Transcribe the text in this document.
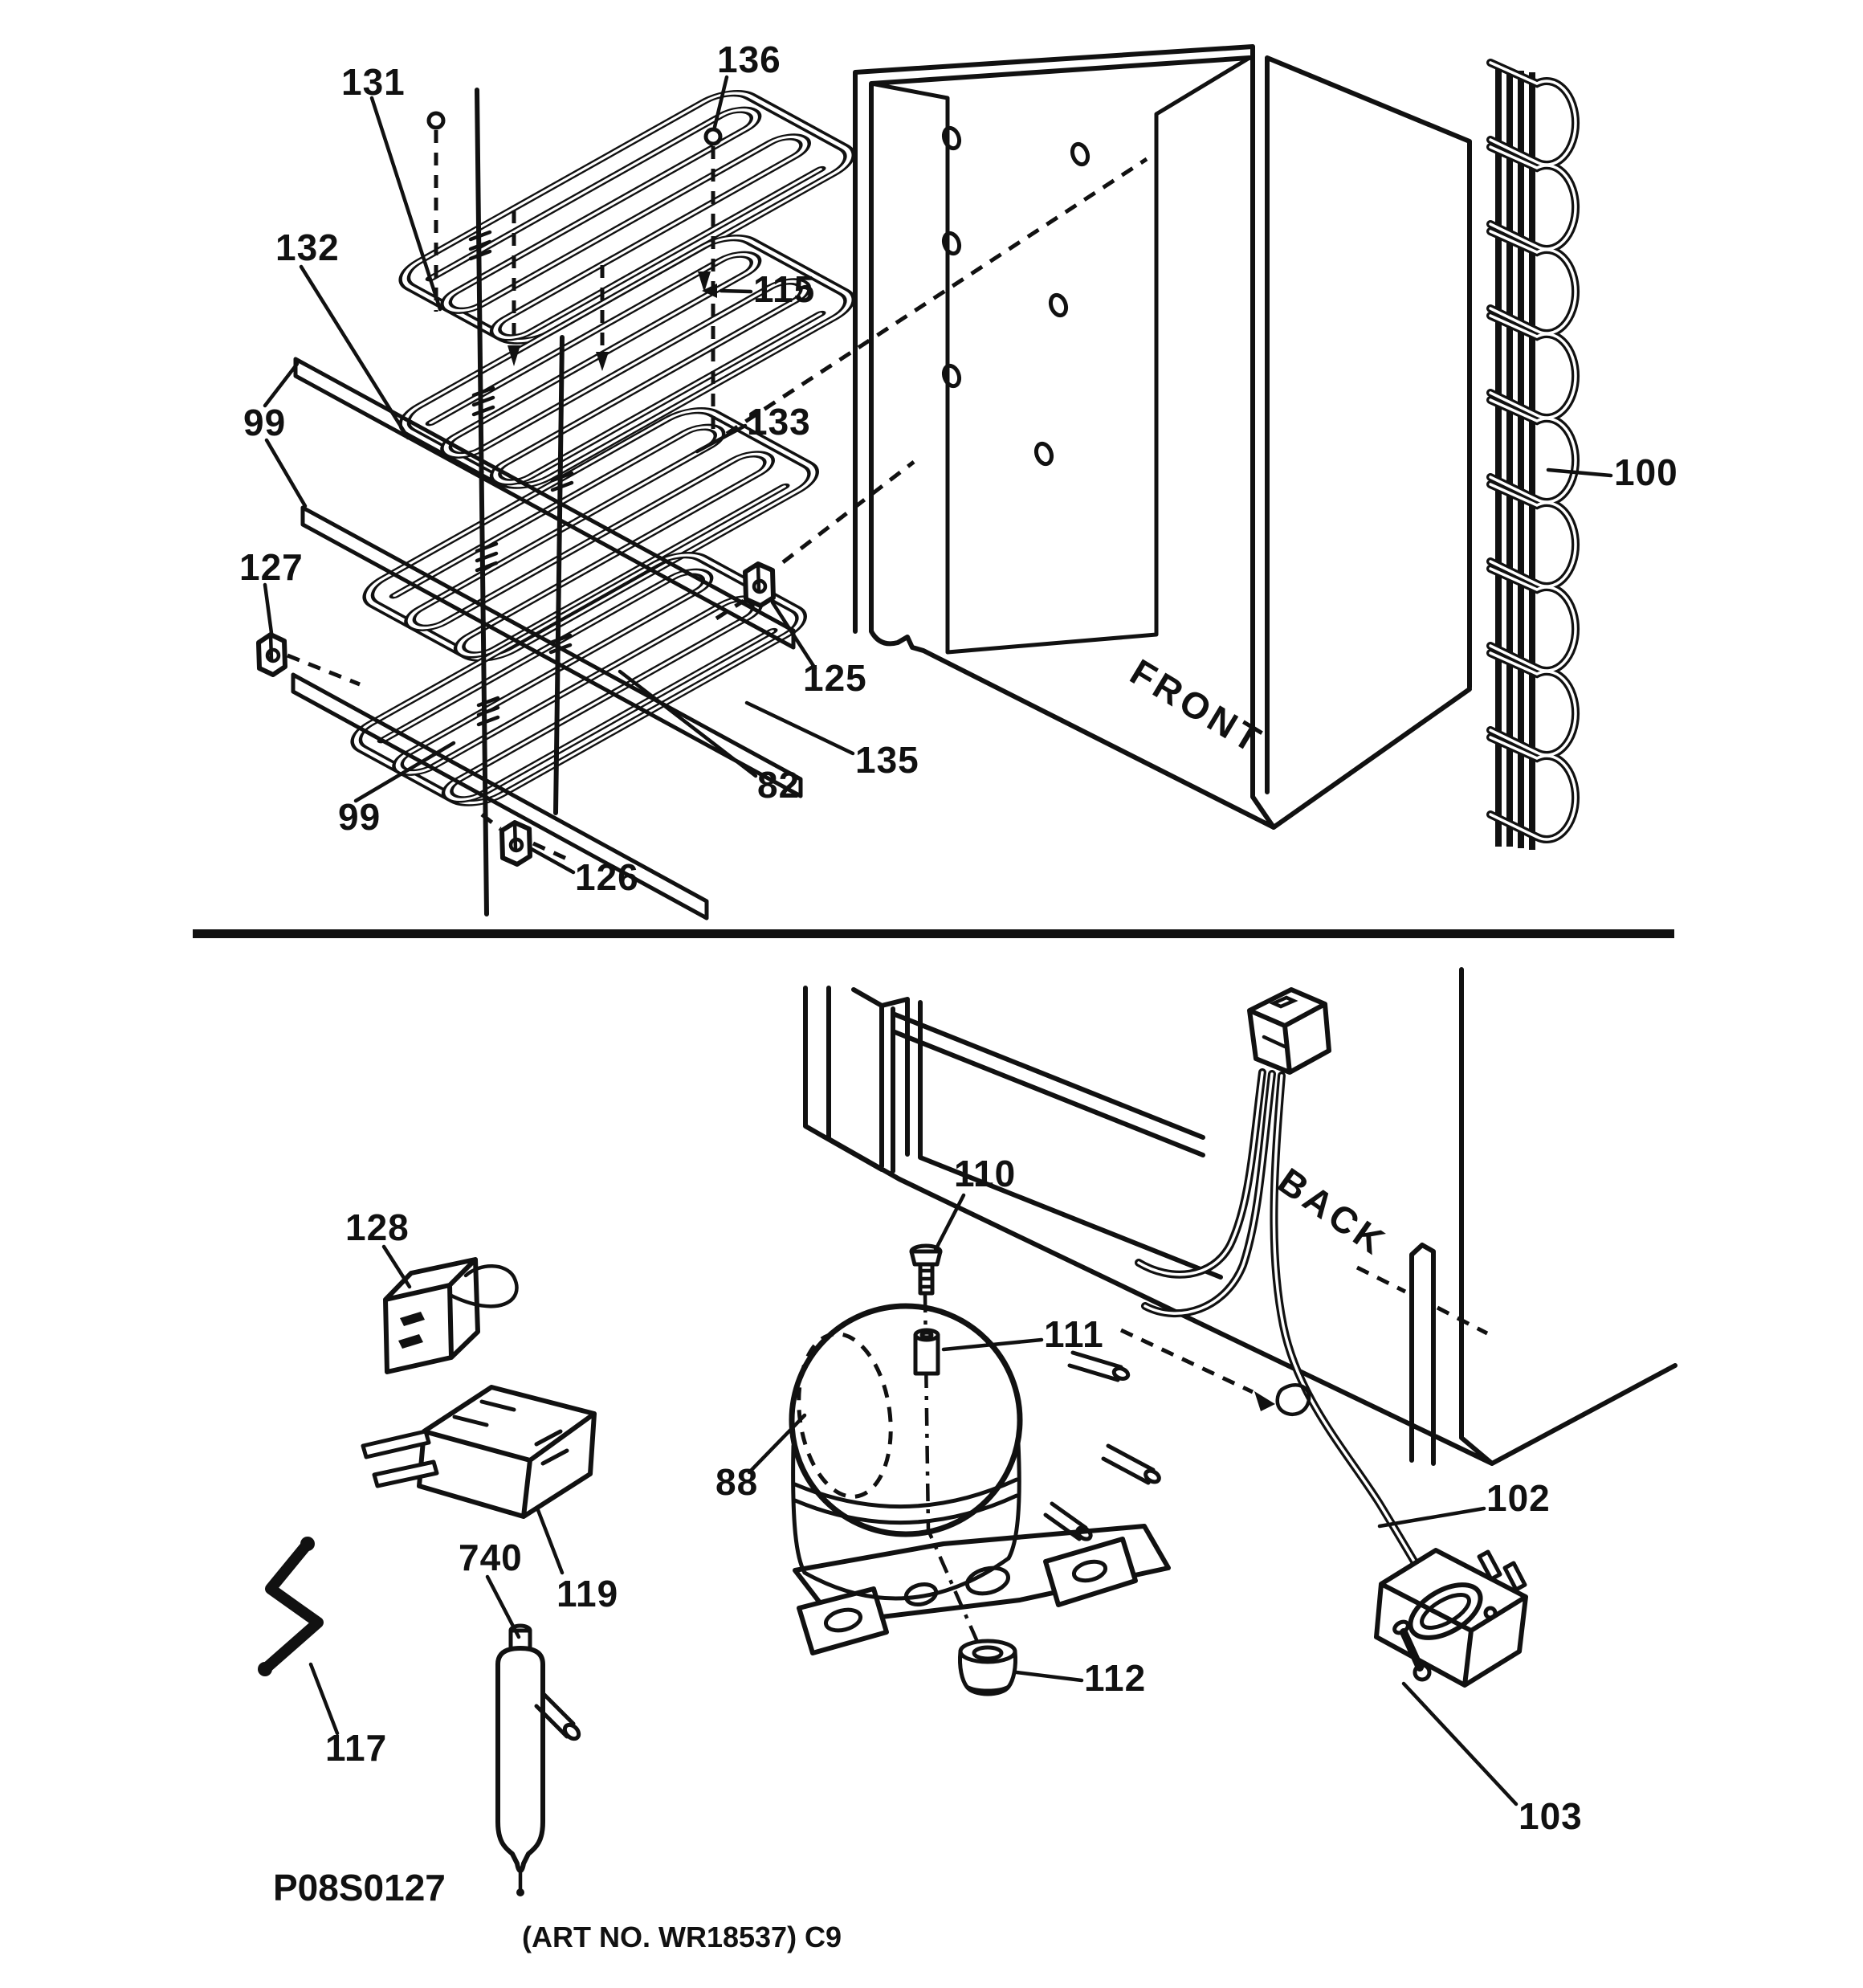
FRONT
131
132
136
115
99	133
127
125
135
82
99
126
100
BACK
128
110
111
88
740
119
102
112
117
103
P08S0127
(ART NO. WR18537) C9
